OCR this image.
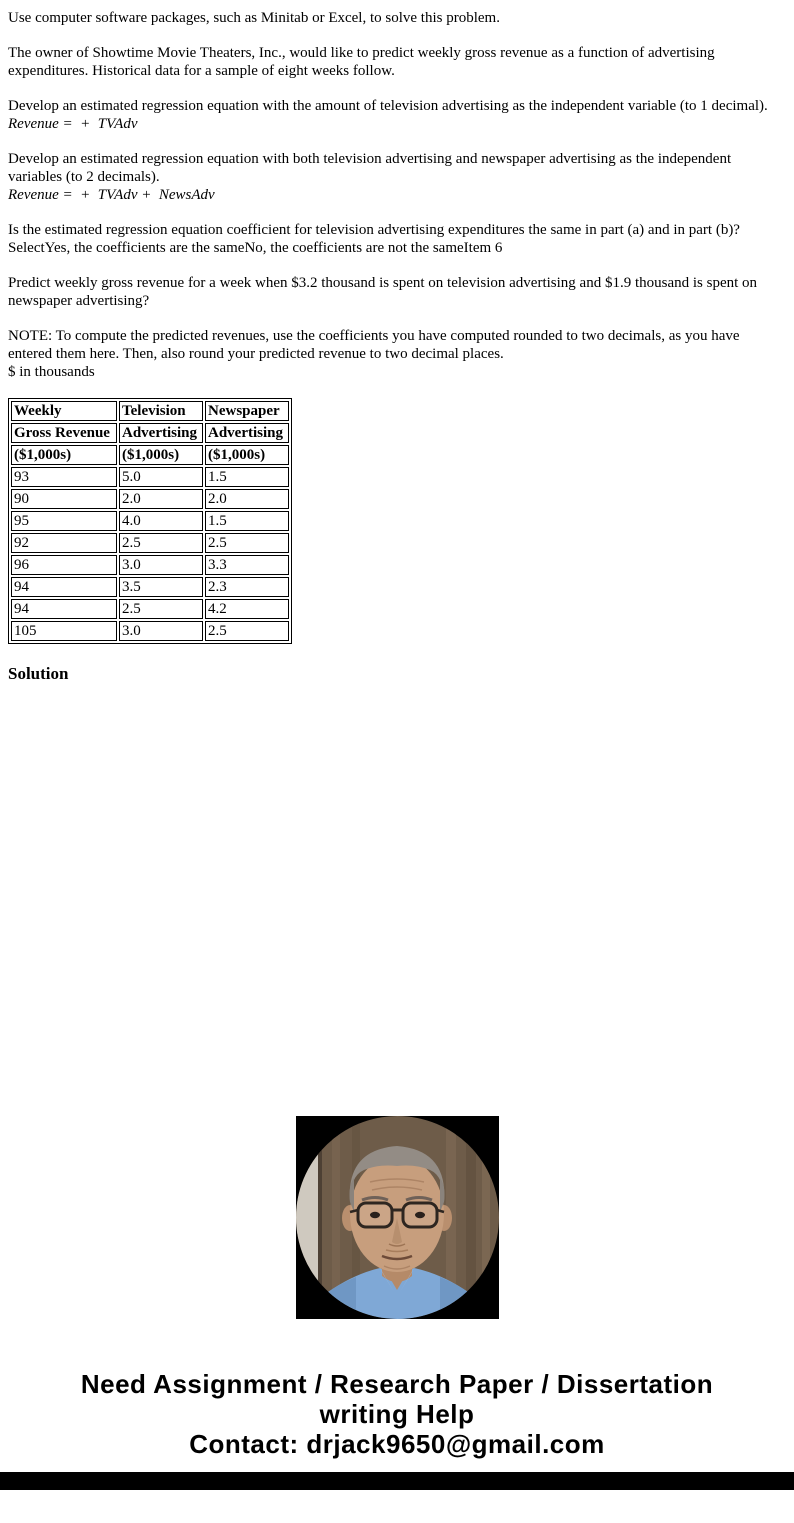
Use computer software packages, such as Minitab or Excel, to solve this problem.

The owner of Showtime Movie Theaters, Inc., would like to predict weekly gross revenue as a function of advertising expenditures. Historical data for a sample of eight weeks follow.

Develop an estimated regression equation with the amount of television advertising as the independent variable (to 1 decimal).
Revenue =  +  TVAdv

Develop an estimated regression equation with both television advertising and newspaper advertising as the independent variables (to 2 decimals).
Revenue =  +  TVAdv +  NewsAdv

Is the estimated regression equation coefficient for television advertising expenditures the same in part (a) and in part (b)?
SelectYes, the coefficients are the sameNo, the coefficients are not the sameItem 6

Predict weekly gross revenue for a week when $3.2 thousand is spent on television advertising and $1.9 thousand is spent on newspaper advertising?

NOTE: To compute the predicted revenues, use the coefficients you have computed rounded to two decimals, as you have entered them here. Then, also round your predicted revenue to two decimal places.
$ in thousands

Weekly	Television	Newspaper
Gross Revenue	Advertising	Advertising
($1,000s)	($1,000s)	($1,000s)
93	5.0	1.5
90	2.0	2.0
95	4.0	1.5
92	2.5	2.5
96	3.0	3.3
94	3.5	2.3
94	2.5	4.2
105	3.0	2.5
Solution
Need Assignment / Research Paper / Dissertation
writing Help
Contact: drjack9650@gmail.com
